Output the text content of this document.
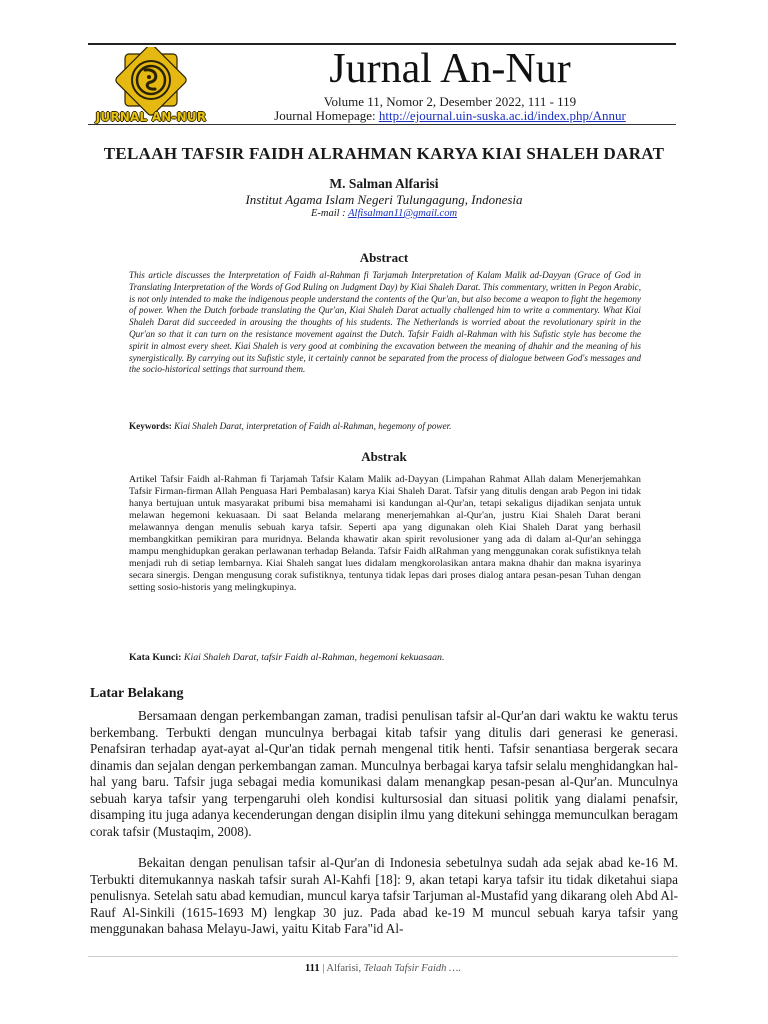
JURNAL AN-NUR
Jurnal An-Nur
Volume 11, Nomor 2, Desember 2022, 111 - 119
Journal Homepage: http://ejournal.uin-suska.ac.id/index.php/Annur
TELAAH TAFSIR FAIDH ALRAHMAN KARYA KIAI SHALEH DARAT
M. Salman Alfarisi
Institut Agama Islam Negeri Tulungagung, Indonesia
E-mail : Alfisalman11@gmail.com
Abstract

This article discusses the Interpretation of Faidh al-Rahman fi Tarjamah Interpretation of Kalam Malik ad-Dayyan (Grace of God in Translating Interpretation of the Words of God Ruling on Judgment Day) by Kiai Shaleh Darat. This commentary, written in Pegon Arabic, is not only intended to make the indigenous people understand the contents of the Qur'an, but also become a weapon to fight the hegemony of power. When the Dutch forbade translating the Qur'an, Kiai Shaleh Darat actually challenged him to write a commentary. What Kiai Shaleh Darat did succeeded in arousing the thoughts of his students. The Netherlands is worried about the revolutionary spirit in the Qur'an so that it can turn on the resistance movement against the Dutch. Tafsir Faidh al-Rahman with his Sufistic style has become the spirit in almost every sheet. Kiai Shaleh is very good at combining the excavation between the meaning of dhahir and the meaning of his synergistically. By carrying out its Sufistic style, it certainly cannot be separated from the process of dialogue between God's messages and the socio-historical settings that surround them.

Keywords: Kiai Shaleh Darat, interpretation of Faidh al-Rahman, hegemony of power.
Abstrak

Artikel Tafsir Faidh al-Rahman fi Tarjamah Tafsir Kalam Malik ad-Dayyan (Limpahan Rahmat Allah dalam Menerjemahkan Tafsir Firman-firman Allah Penguasa Hari Pembalasan) karya Kiai Shaleh Darat. Tafsir yang ditulis dengan arab Pegon ini tidak hanya bertujuan untuk masyarakat pribumi bisa memahami isi kandungan al-Qur'an, tetapi sekaligus dijadikan senjata untuk melawan hegemoni kekuasaan. Di saat Belanda melarang menerjemahkan al-Qur'an, justru Kiai Shaleh Darat berani melawannya dengan menulis sebuah karya tafsir. Seperti apa yang digunakan oleh Kiai Shaleh Darat yang berhasil membangkitkan pemikiran para muridnya. Belanda khawatir akan spirit revolusioner yang ada di dalam al-Qur'an sehingga mampu menghidupkan gerakan perlawanan terhadap Belanda. Tafsir Faidh alRahman yang menggunakan corak sufistiknya telah menjadi ruh di setiap lembarnya. Kiai Shaleh sangat lues didalam mengkorolasikan antara makna dhahir dan makna isyarinya secara sinergis. Dengan mengusung corak sufistiknya, tentunya tidak lepas dari proses dialog antara pesan-pesan Tuhan dengan setting sosio-historis yang melingkupinya.

Kata Kunci: Kiai Shaleh Darat, tafsir Faidh al-Rahman, hegemoni kekuasaan.
Latar Belakang

Bersamaan dengan perkembangan zaman, tradisi penulisan tafsir al-Qur'an dari waktu ke waktu terus berkembang. Terbukti dengan munculnya berbagai kitab tafsir yang ditulis dari generasi ke generasi. Penafsiran terhadap ayat-ayat al-Qur'an tidak pernah mengenal titik henti. Tafsir senantiasa bergerak secara dinamis dan sejalan dengan perkembangan zaman. Munculnya berbagai karya tafsir selalu menghidangkan hal-hal yang baru. Tafsir juga sebagai media komunikasi dalam menangkap pesan-pesan al-Qur'an. Munculnya sebuah karya tafsir yang terpengaruhi oleh kondisi kultursosial dan situasi politik yang dialami penafsir, disamping itu juga adanya kecenderungan dengan disiplin ilmu yang ditekuni sehingga memunculkan beragam corak tafsir (Mustaqim, 2008).

Bekaitan dengan penulisan tafsir al-Qur'an di Indonesia sebetulnya sudah ada sejak abad ke-16 M. Terbukti ditemukannya naskah tafsir surah Al-Kahfi [18]: 9, akan tetapi karya tafsir itu tidak diketahui siapa penulisnya. Setelah satu abad kemudian, muncul karya tafsir Tarjuman al-Mustafid yang dikarang oleh Abd Al-Rauf Al-Sinkili (1615-1693 M) lengkap 30 juz. Pada abad ke-19 M muncul sebuah karya tafsir yang menggunakan bahasa Melayu-Jawi, yaitu Kitab Fara"id Al-

111 | Alfarisi, Telaah Tafsir Faidh ….
